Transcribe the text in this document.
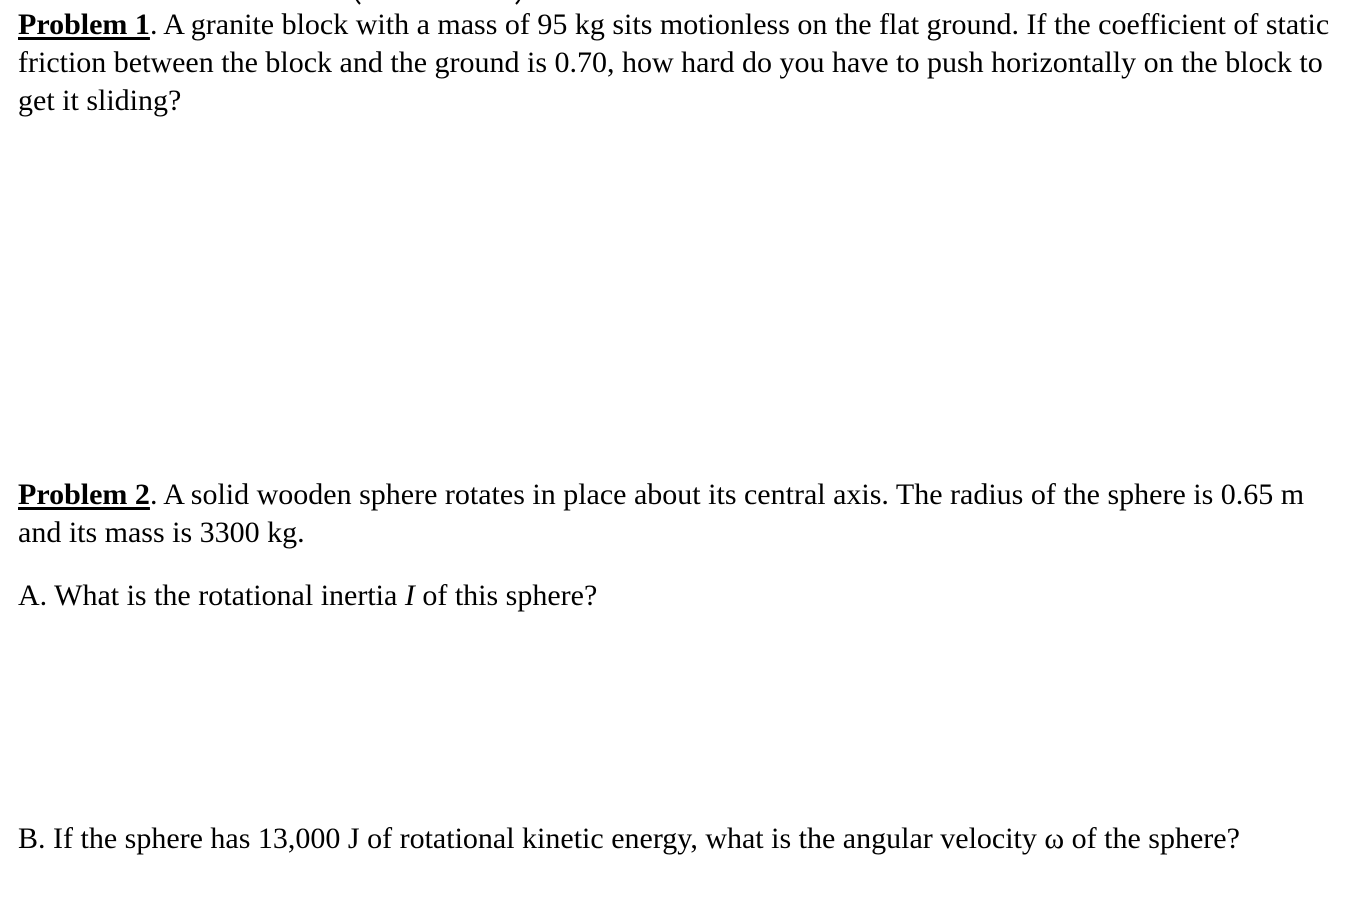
Problem 1. A granite block with a mass of 95 kg sits motionless on the flat ground. If the coefficient of static friction between the block and the ground is 0.70, how hard do you have to push horizontally on the block to get it sliding?

Problem 2. A solid wooden sphere rotates in place about its central axis. The radius of the sphere is 0.65 m and its mass is 3300 kg.

A. What is the rotational inertia I of this sphere?

B. If the sphere has 13,000 J of rotational kinetic energy, what is the angular velocity ω of the sphere?
